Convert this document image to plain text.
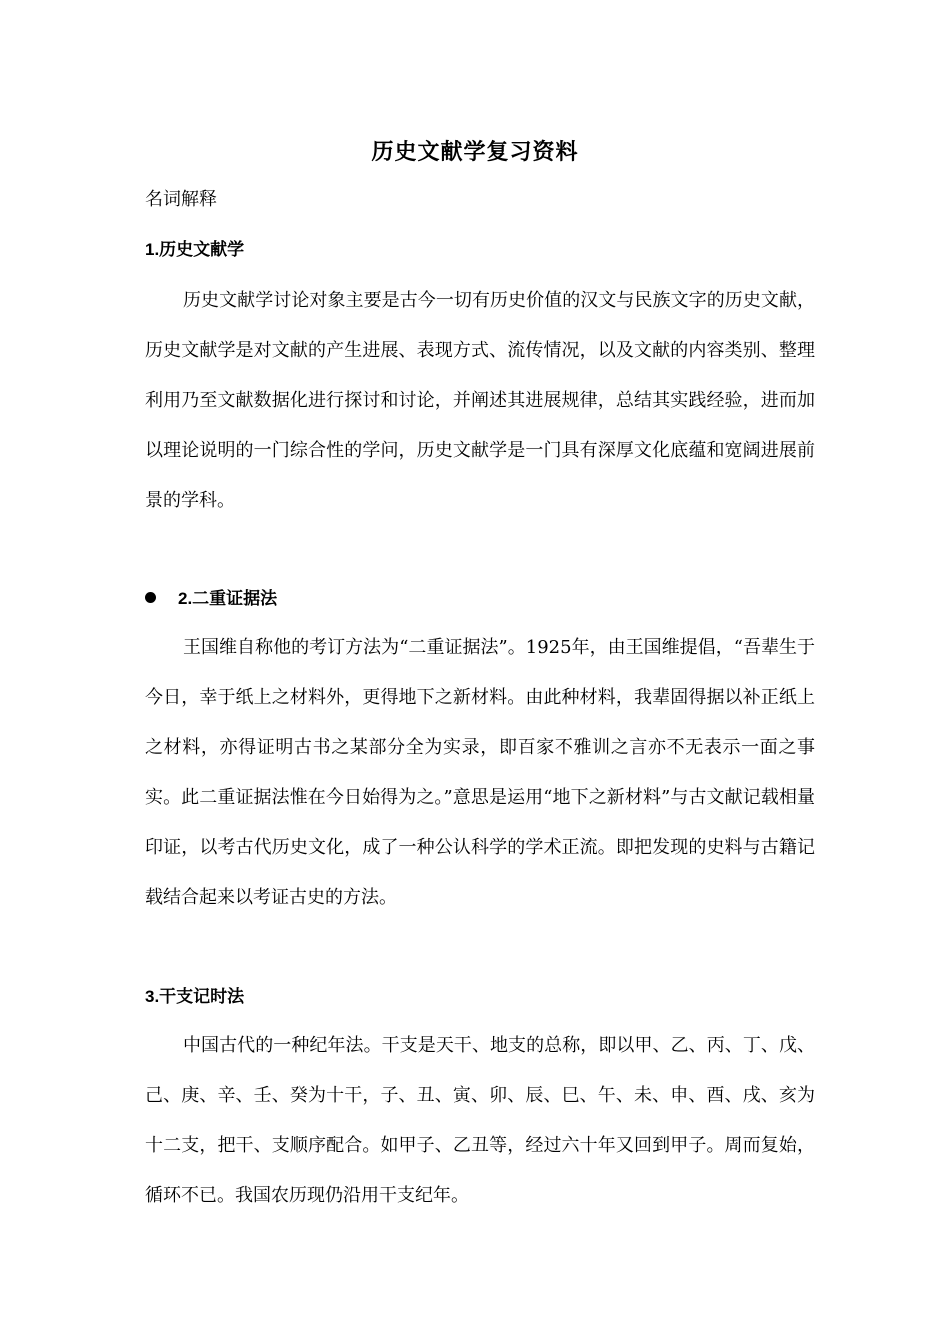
历史文献学复习资料
名词解释
1.历史文献学

历史文献学讨论对象主要是古今一切有历史价值的汉文与民族文字的历史文献，历史文献学是对文献的产生进展、表现方式、流传情况，以及文献的内容类别、整理利用乃至文献数据化进行探讨和讨论，并阐述其进展规律，总结其实践经验，进而加以理论说明的一门综合性的学问，历史文献学是一门具有深厚文化底蕴和宽阔进展前景的学科。

2.二重证据法

王国维自称他的考订方法为“二重证据法”。1925年，由王国维提倡，“吾辈生于今日，幸于纸上之材料外，更得地下之新材料。由此种材料，我辈固得据以补正纸上之材料，亦得证明古书之某部分全为实录，即百家不雅训之言亦不无表示一面之事实。此二重证据法惟在今日始得为之。”意思是运用“地下之新材料”与古文献记载相量印证，以考古代历史文化，成了一种公认科学的学术正流。即把发现的史料与古籍记载结合起来以考证古史的方法。

3.干支记时法

中国古代的一种纪年法。干支是天干、地支的总称，即以甲、乙、丙、丁、戊、己、庚、辛、壬、癸为十干，子、丑、寅、卯、辰、巳、午、未、申、酉、戌、亥为十二支，把干、支顺序配合。如甲子、乙丑等，经过六十年又回到甲子。周而复始，循环不已。我国农历现仍沿用干支纪年。
